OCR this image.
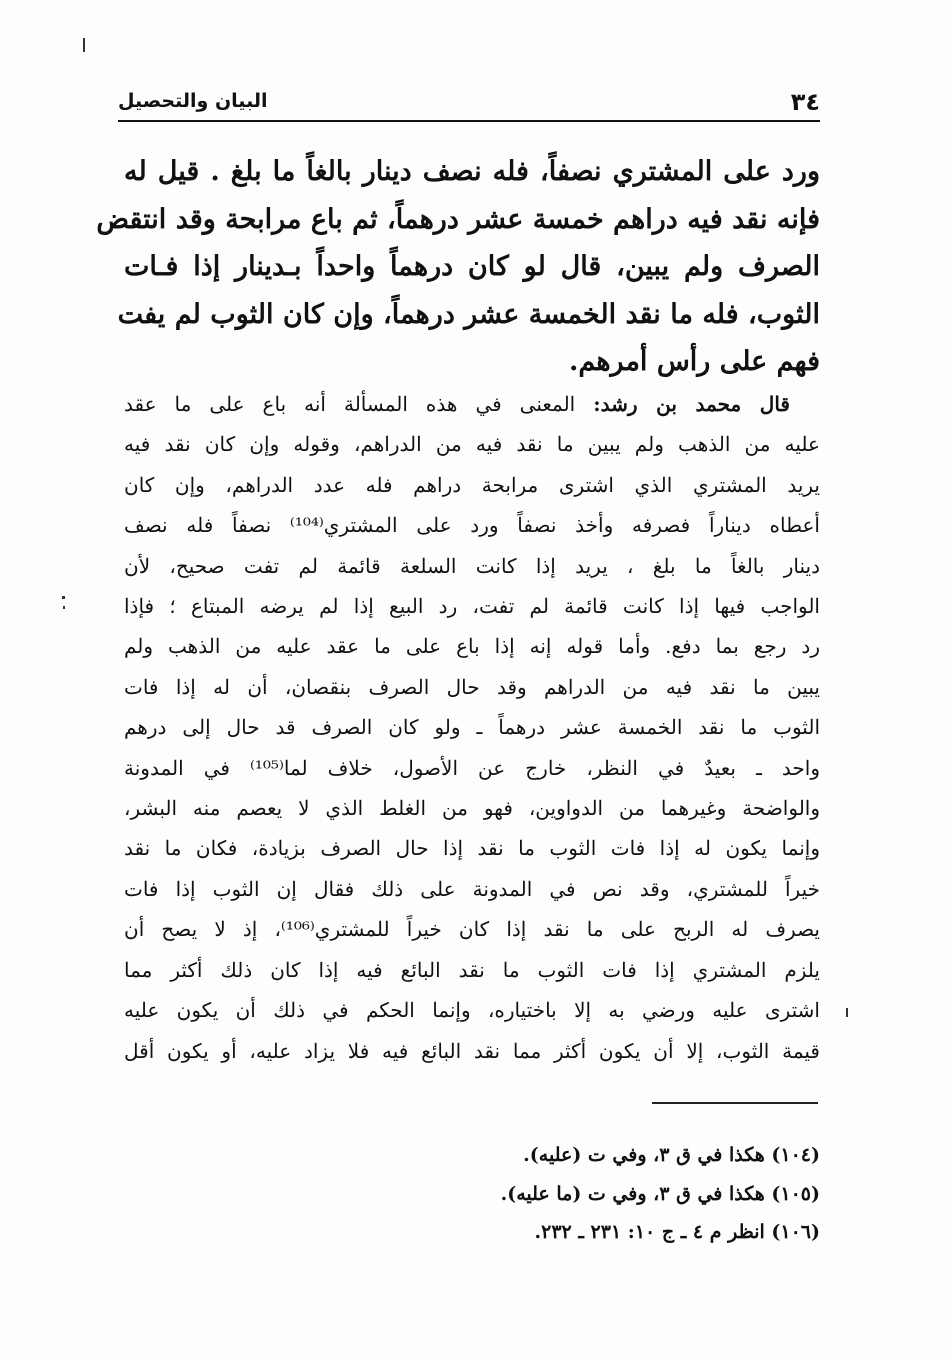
٣٤
البيان والتحصيل
ورد على المشتري نصفاً، فله نصف دينار بالغاً ما بلغ . قيل له
فإنه نقد فيه دراهم خمسة عشر درهماً، ثم باع مرابحة وقد انتقض
الصرف ولم يبين، قال لو كان درهماً واحداً بـدينار إذا فـات
الثوب، فله ما نقد الخمسة عشر درهماً، وإن كان الثوب لم يفت
فهم على رأس أمرهم.
قال محمد بن رشد: المعنى في هذه المسألة أنه باع على ما عقد
عليه من الذهب ولم يبين ما نقد فيه من الدراهم، وقوله وإن كان نقد فيه
يريد المشتري الذي اشترى مرابحة دراهم فله عدد الدراهم، وإن كان
أعطاه ديناراً فصرفه وأخذ نصفاً ورد على المشتري⁽¹⁰⁴⁾ نصفاً فله نصف
دينار بالغاً ما بلغ ، يريد إذا كانت السلعة قائمة لم تفت صحيح، لأن
الواجب فيها إذا كانت قائمة لم تفت، رد البيع إذا لم يرضه المبتاع ؛ فإذا
رد رجع بما دفع. وأما قوله إنه إذا باع على ما عقد عليه من الذهب ولم
يبين ما نقد فيه من الدراهم وقد حال الصرف بنقصان، أن له إذا فات
الثوب ما نقد الخمسة عشر درهماً ـ ولو كان الصرف قد حال إلى درهم
واحد ـ بعيدٌ في النظر، خارج عن الأصول، خلاف لما⁽¹⁰⁵⁾ في المدونة
والواضحة وغيرهما من الدواوين، فهو من الغلط الذي لا يعصم منه البشر،
وإنما يكون له إذا فات الثوب ما نقد إذا حال الصرف بزيادة، فكان ما نقد
خيراً للمشتري، وقد نص في المدونة على ذلك فقال إن الثوب إذا فات
يصرف له الربح على ما نقد إذا كان خيراً للمشتري⁽¹⁰⁶⁾، إذ لا يصح أن
يلزم المشتري إذا فات الثوب ما نقد البائع فيه إذا كان ذلك أكثر مما
اشترى عليه ورضي به إلا باختياره، وإنما الحكم في ذلك أن يكون عليه
قيمة الثوب، إلا أن يكون أكثر مما نقد البائع فيه فلا يزاد عليه، أو يكون أقل
(١٠٤) هكذا في ق ٣، وفي ت (عليه).
(١٠٥) هكذا في ق ٣، وفي ت (ما عليه).
(١٠٦) انظر م ٤ ـ ج ١٠: ٢٣١ ـ ٢٣٢.
